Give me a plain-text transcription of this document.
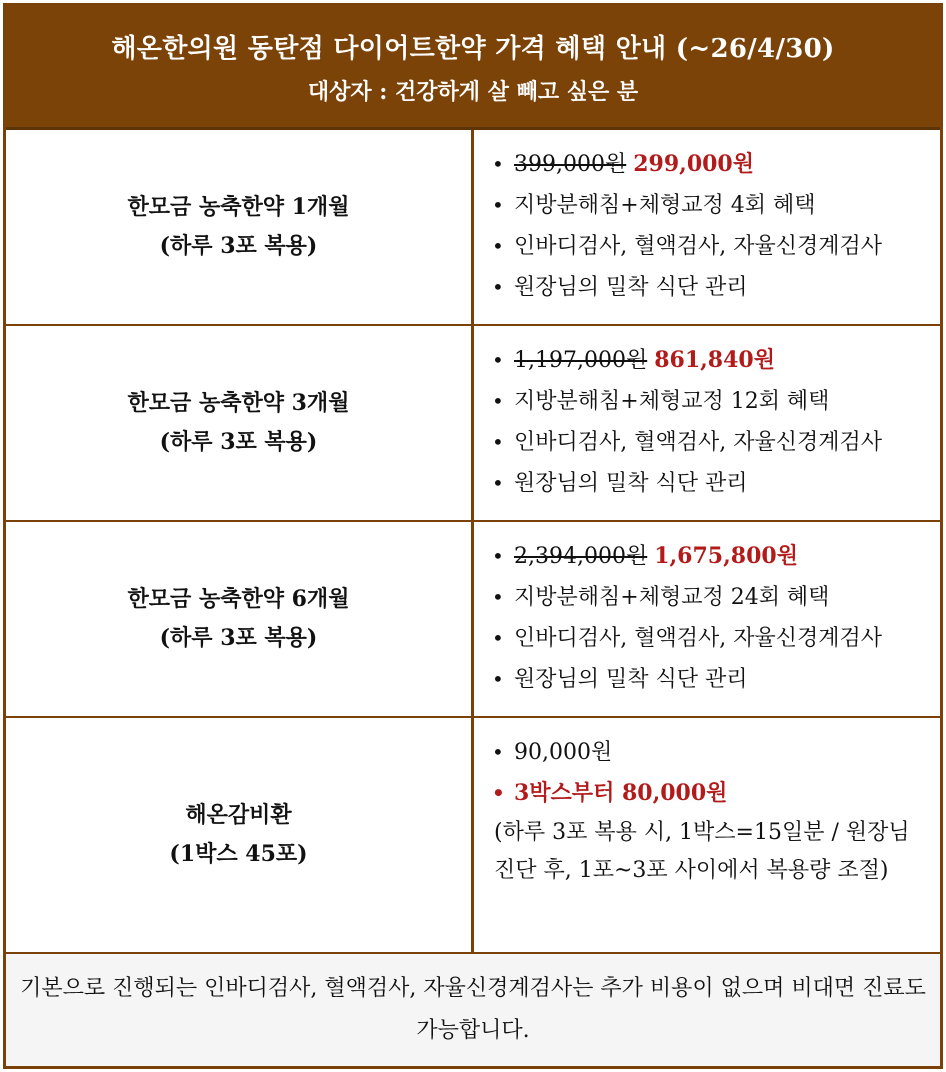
해온한의원 동탄점 다이어트한약 가격 혜택 안내 (~26/4/30)
대상자 : 건강하게 살 빼고 싶은 분
한모금 농축한약 1개월
(하루 3포 복용)
• 399,000원 299,000원
• 지방분해침+체형교정 4회 혜택
• 인바디검사, 혈액검사, 자율신경계검사
• 원장님의 밀착 식단 관리
한모금 농축한약 3개월
(하루 3포 복용)
• 1,197,000원 861,840원
• 지방분해침+체형교정 12회 혜택
• 인바디검사, 혈액검사, 자율신경계검사
• 원장님의 밀착 식단 관리
한모금 농축한약 6개월
(하루 3포 복용)
• 2,394,000원 1,675,800원
• 지방분해침+체형교정 24회 혜택
• 인바디검사, 혈액검사, 자율신경계검사
• 원장님의 밀착 식단 관리
해온감비환
(1박스 45포)
• 90,000원
• 3박스부터 80,000원
(하루 3포 복용 시, 1박스=15일분 / 원장님 진단 후, 1포~3포 사이에서 복용량 조절)
기본으로 진행되는 인바디검사, 혈액검사, 자율신경계검사는 추가 비용이 없으며 비대면 진료도 가능합니다.
